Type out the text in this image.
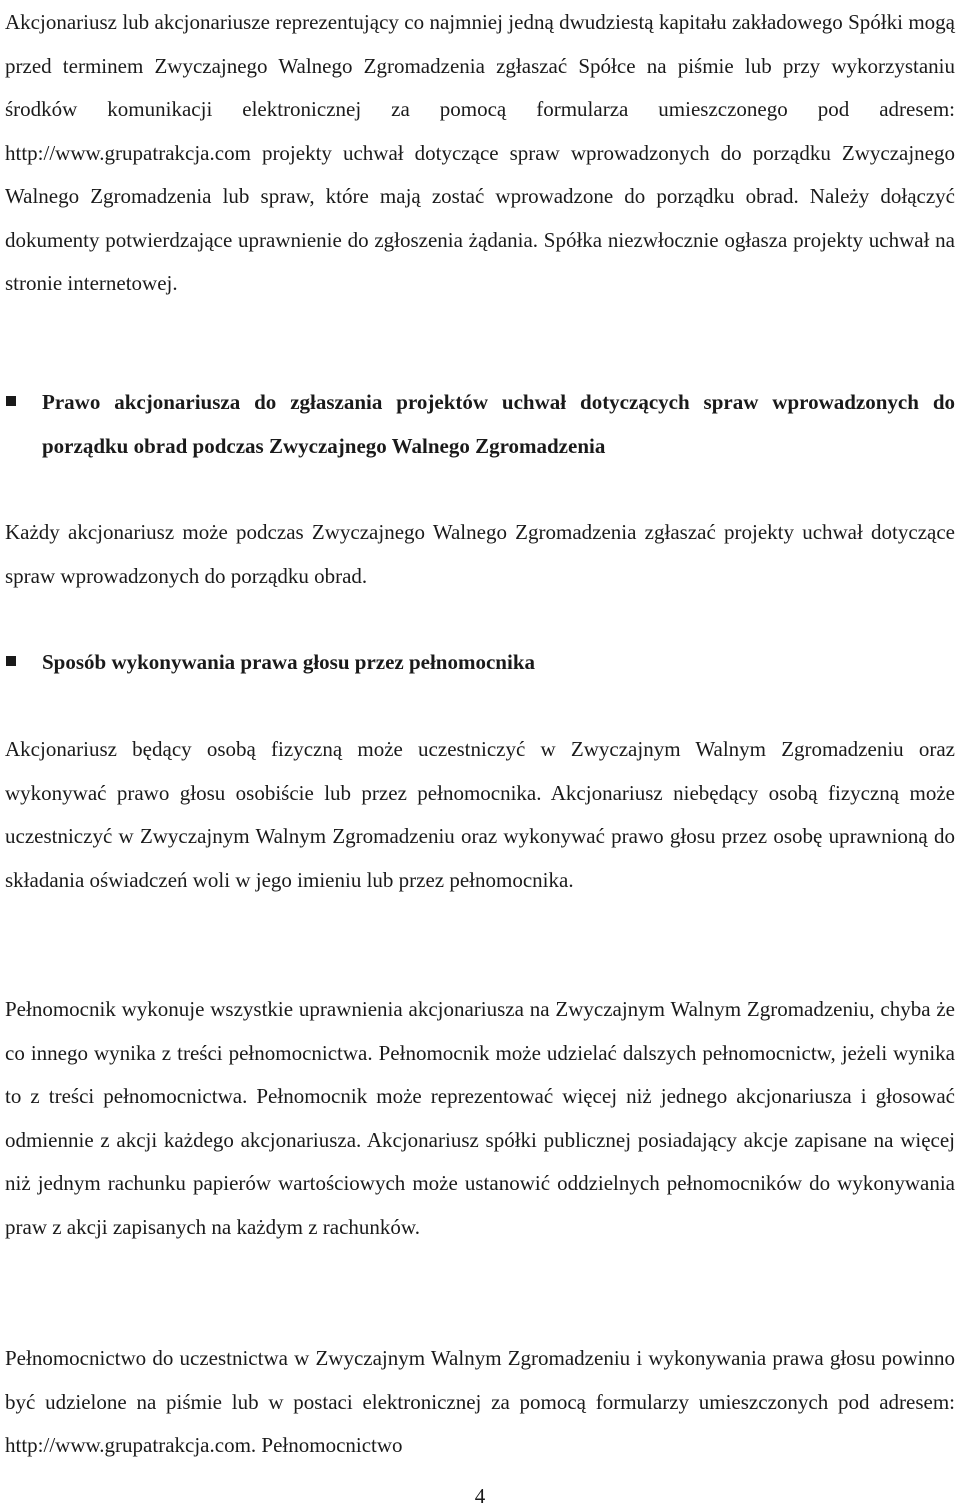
Akcjonariusz lub akcjonariusze reprezentujący co najmniej jedną dwudziestą kapitału zakładowego Spółki mogą przed terminem Zwyczajnego Walnego Zgromadzenia zgłaszać Spółce na piśmie lub przy wykorzystaniu środków komunikacji elektronicznej za pomocą formularza umieszczonego pod adresem: http://www.grupatrakcja.com projekty uchwał dotyczące spraw wprowadzonych do porządku Zwyczajnego Walnego Zgromadzenia lub spraw, które mają zostać wprowadzone do porządku obrad. Należy dołączyć dokumenty potwierdzające uprawnienie do zgłoszenia żądania. Spółka niezwłocznie ogłasza projekty uchwał na stronie internetowej.

Prawo akcjonariusza do zgłaszania projektów uchwał dotyczących spraw wprowadzonych do porządku obrad podczas Zwyczajnego Walnego Zgromadzenia

Każdy akcjonariusz może podczas Zwyczajnego Walnego Zgromadzenia zgłaszać projekty uchwał dotyczące spraw wprowadzonych do porządku obrad.

Sposób wykonywania prawa głosu przez pełnomocnika

Akcjonariusz będący osobą fizyczną może uczestniczyć w Zwyczajnym Walnym Zgromadzeniu oraz wykonywać prawo głosu osobiście lub przez pełnomocnika. Akcjonariusz niebędący osobą fizyczną może uczestniczyć w Zwyczajnym Walnym Zgromadzeniu oraz wykonywać prawo głosu przez osobę uprawnioną do składania oświadczeń woli w jego imieniu lub przez pełnomocnika.

Pełnomocnik wykonuje wszystkie uprawnienia akcjonariusza na Zwyczajnym Walnym Zgromadzeniu, chyba że co innego wynika z treści pełnomocnictwa. Pełnomocnik może udzielać dalszych pełnomocnictw, jeżeli wynika to z treści pełnomocnictwa. Pełnomocnik może reprezentować więcej niż jednego akcjonariusza i głosować odmiennie z akcji każdego akcjonariusza. Akcjonariusz spółki publicznej posiadający akcje zapisane na więcej niż jednym rachunku papierów wartościowych może ustanowić oddzielnych pełnomocników do wykonywania praw z akcji zapisanych na każdym z rachunków.

Pełnomocnictwo do uczestnictwa w Zwyczajnym Walnym Zgromadzeniu i wykonywania prawa głosu powinno być udzielone na piśmie lub w postaci elektronicznej za pomocą formularzy umieszczonych pod adresem: http://www.grupatrakcja.com. Pełnomocnictwo

4
